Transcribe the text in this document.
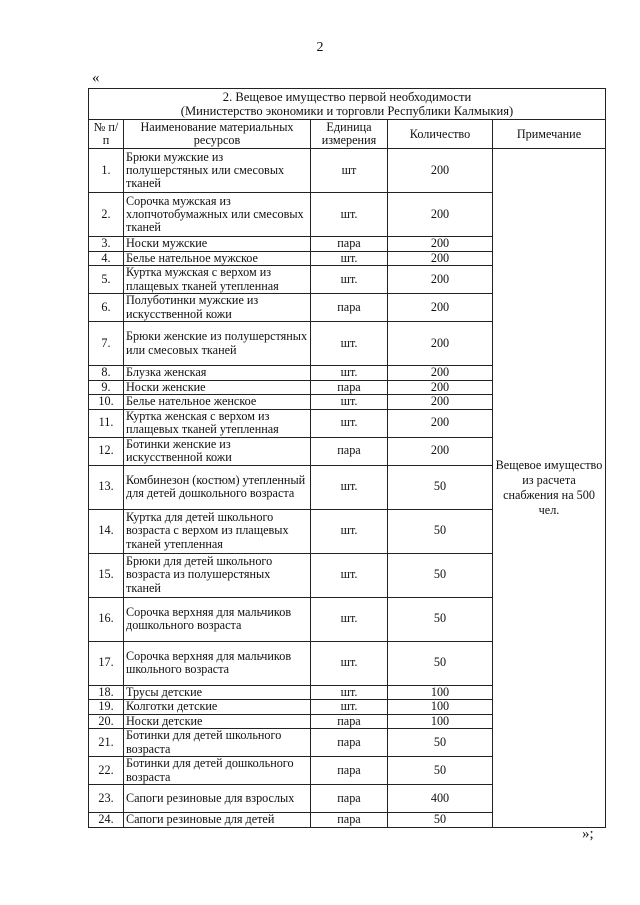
2
«
2. Вещевое имущество первой необходимости
(Министерство экономики и торговли Республики Калмыкия)				
№ п/п	Наименование материальных ресурсов	Единица измерения	Количество	Примечание
1.	Брюки мужские из полушерстяных или смесовых тканей	шт	200	Вещевое имущество из расчета снабжения на 500 чел.
2.	Сорочка мужская из хлопчотобумажных или смесовых тканей	шт.	200	
3.	Носки мужские	пара	200	
4.	Белье нательное мужское	шт.	200	
5.	Куртка мужская с верхом из плащевых тканей утепленная	шт.	200	
6.	Полуботинки мужские из искусственной кожи	пара	200	
7.	Брюки женские из полушерстяных или смесовых тканей	шт.	200	
8.	Блузка женская	шт.	200	
9.	Носки женские	пара	200	
10.	Белье нательное женское	шт.	200	
11.	Куртка женская с верхом из плащевых тканей утепленная	шт.	200	
12.	Ботинки женские из искусственной кожи	пара	200	
13.	Комбинезон (костюм) утепленный для детей дошкольного возраста	шт.	50	
14.	Куртка для детей школьного возраста с верхом из плащевых тканей утепленная	шт.	50	
15.	Брюки для детей школьного возраста из полушерстяных тканей	шт.	50	
16.	Сорочка верхняя для мальчиков дошкольного возраста	шт.	50	
17.	Сорочка верхняя для мальчиков школьного возраста	шт.	50	
18.	Трусы детские	шт.	100	
19.	Колготки детские	шт.	100	
20.	Носки детские	пара	100	
21.	Ботинки для детей школьного возраста	пара	50	
22.	Ботинки для детей дошкольного возраста	пара	50	
23.	Сапоги резиновые для взрослых	пара	400	
24.	Сапоги резиновые для детей	пара	50	
»;
